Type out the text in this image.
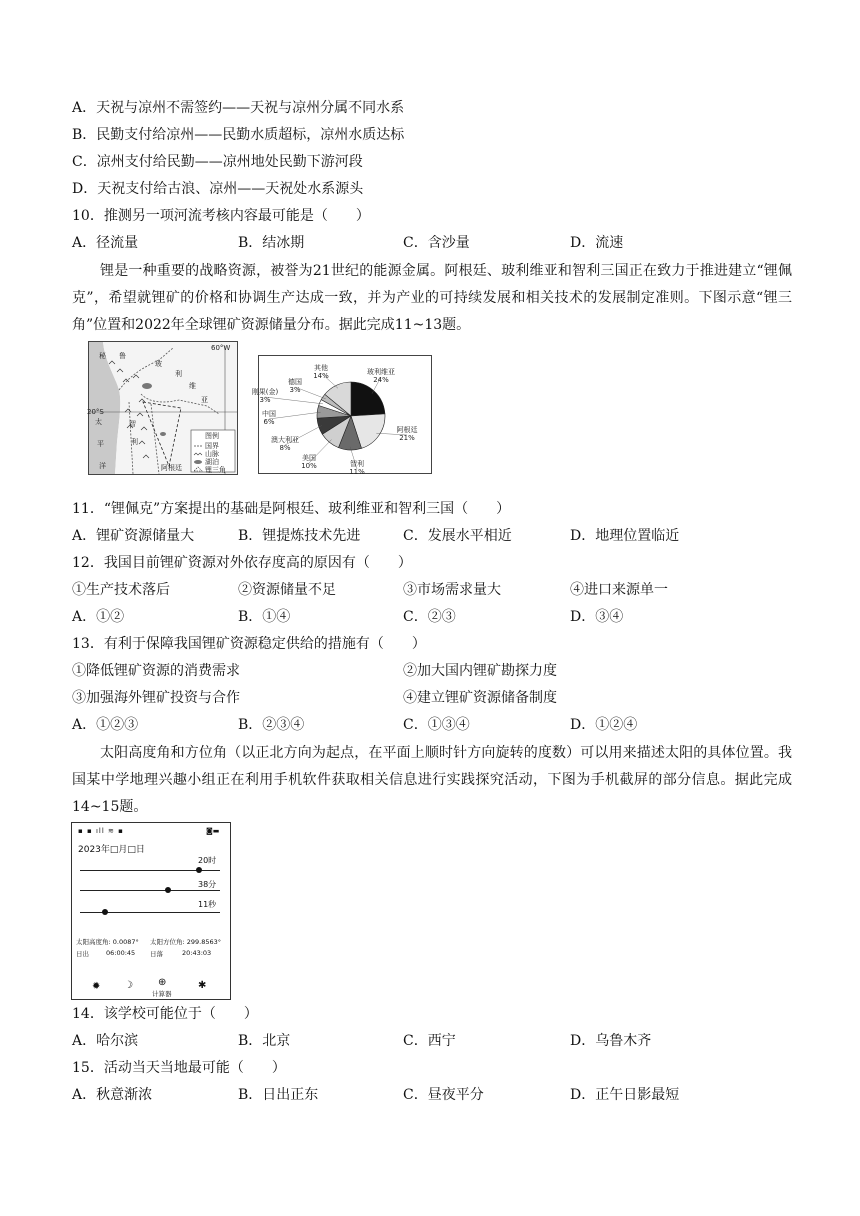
A．天祝与凉州不需签约——天祝与凉州分属不同水系
B．民勤支付给凉州——民勤水质超标，凉州水质达标
C．凉州支付给民勤——凉州地处民勤下游河段
D．天祝支付给古浪、凉州——天祝处水系源头
10．推测另一项河流考核内容最可能是（　　）
A．径流量	B．结冰期	C．含沙量	D．流速
锂是一种重要的战略资源，被誉为21世纪的能源金属。阿根廷、玻利维亚和智利三国正在致力于推进建立“锂佩克”，希望就锂矿的价格和协调生产达成一致，并为产业的可持续发展和相关技术的发展制定准则。下图示意“锂三角”位置和2022年全球锂矿资源储量分布。据此完成11~13题。
60°W
20°S
秘 鲁
玻
利
维
亚
太
平
洋
智
利
阿根廷
图例
国界
山脉
湖泊
锂三角
玻利维亚
24%
阿根廷
21%
智利
11%
美国
10%
澳大利亚
8%
中国
6%
刚果(金)
3%
德国
3%
其他
14%
11．“锂佩克”方案提出的基础是阿根廷、玻利维亚和智利三国（　　）
A．锂矿资源储量大	B．锂提炼技术先进	C．发展水平相近	D．地理位置临近
12．我国目前锂矿资源对外依存度高的原因有（　　）
①生产技术落后	②资源储量不足	③市场需求量大	④进口来源单一
A．①②	B．①④	C．②③	D．③④
13．有利于保障我国锂矿资源稳定供给的措施有（　　）
①降低锂矿资源的消费需求	②加大国内锂矿勘探力度
③加强海外锂矿投资与合作	④建立锂矿资源储备制度
A．①②③	B．②③④	C．①③④	D．①②④
太阳高度角和方位角（以正北方向为起点，在平面上顺时针方向旋转的度数）可以用来描述太阳的具体位置。我国某中学地理兴趣小组正在利用手机软件获取相关信息进行实践探究活动，下图为手机截屏的部分信息。据此完成14~15题。
▪ ▪ ıll ≋ ▪	◙▬
2023年□月□日
20时
38分
11秒
太阳高度角: 0.0087° 太阳方位角: 299.8563°
日出	06:00:45 日落	20:43:03
✹ ☽	⊕
计算器
✱
14．该学校可能位于（　　）
A．哈尔滨	B．北京	C．西宁	D．乌鲁木齐
15．活动当天当地最可能（　　）
A．秋意渐浓	B．日出正东	C．昼夜平分	D．正午日影最短
